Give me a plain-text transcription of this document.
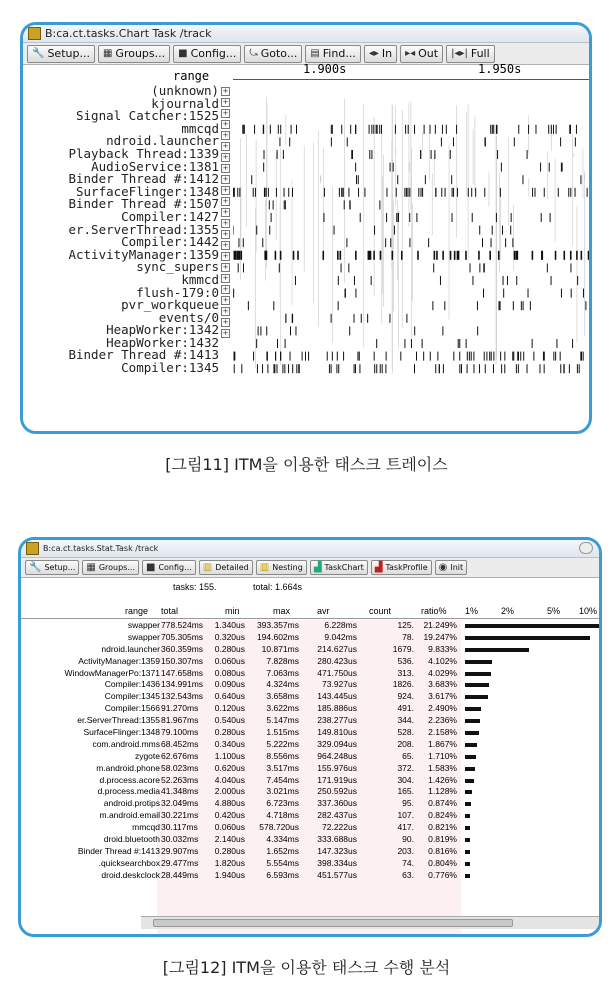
B:ca.ct.tasks.Chart Task /track
🔧 Setup... ▦ Groups... ■ Config... ⤿ Goto... ▤ Find... ◂▸ In ▸◂ Out |◂▸| Full
range	1.900s	1.950s
(unknown)
kjournald
Signal Catcher:1525
mmcqd
ndroid.launcher
Playback Thread:1339
AudioService:1381
Binder Thread #:1412
SurfaceFlinger:1348
Binder Thread #:1507
Compiler:1427
er.ServerThread:1355
Compiler:1442
ActivityManager:1359
sync_supers
kmmcd
flush-179:0
pvr_workqueue
events/0
HeapWorker:1342
HeapWorker:1432
Binder Thread #:1413
Compiler:1345
+
+
+
+
+
+
+
+
+
+
+
+
+
+
+
+
+
+
+
+
+
+
+
[그림11] ITM을 이용한 태스크 트레이스
B:ca.ct.tasks.Stat.Task /track
🔧 Setup... ▦ Groups... ■ Config... ▥ Detailed ▥ Nesting ▟ TaskChart ▟ TaskProfile ◉ Init
tasks: 155.	total: 1.664s
range total	min	max	avr	count	ratio% 1%	2%	5% 10%
swapper 778.524ms	1.340us	393.357ms	6.228ms	125.	21.249%
swapper 705.305ms	0.320us	194.602ms	9.042ms	78.	19.247%
ndroid.launcher 360.359ms	0.280us	10.871ms	214.627us	1679.	9.833%
ActivityManager:1359 150.307ms	0.060us	7.828ms	280.423us	536.	4.102%
WindowManagerPo:1371 147.658ms	0.080us	7.063ms	471.750us	313.	4.029%
Compiler:1436 134.991ms	0.090us	4.324ms	73.927us	1826.	3.683%
Compiler:1345 132.543ms	0.640us	3.658ms	143.445us	924.	3.617%
Compiler:1566 91.270ms	0.120us	3.622ms	185.886us	491.	2.490%
er.ServerThread:1355 81.967ms	0.540us	5.147ms	238.277us	344.	2.236%
SurfaceFlinger:1348 79.100ms	0.280us	1.515ms	149.810us	528.	2.158%
com.android.mms 68.452ms	0.340us	5.222ms	329.094us	208.	1.867%
zygote 62.676ms	1.100us	8.556ms	964.248us	65.	1.710%
m.android.phone 58.023ms	0.620us	3.517ms	155.976us	372.	1.583%
d.process.acore 52.263ms	4.040us	7.454ms	171.919us	304.	1.426%
d.process.media 41.348ms	2.000us	3.021ms	250.592us	165.	1.128%
android.protips 32.049ms	4.880us	6.723ms	337.360us	95.	0.874%
m.android.email 30.221ms	0.420us	4.718ms	282.437us	107.	0.824%
mmcqd 30.117ms	0.060us	578.720us	72.222us	417.	0.821%
droid.bluetooth 30.032ms	2.140us	4.334ms	333.688us	90.	0.819%
Binder Thread #:1413 29.907ms	0.280us	1.652ms	147.323us	203.	0.816%
.quicksearchbox 29.477ms	1.820us	5.554ms	398.334us	74.	0.804%
droid.deskclock 28.449ms	1.940us	6.593ms	451.577us	63.	0.776%
[그림12] ITM을 이용한 태스크 수행 분석
